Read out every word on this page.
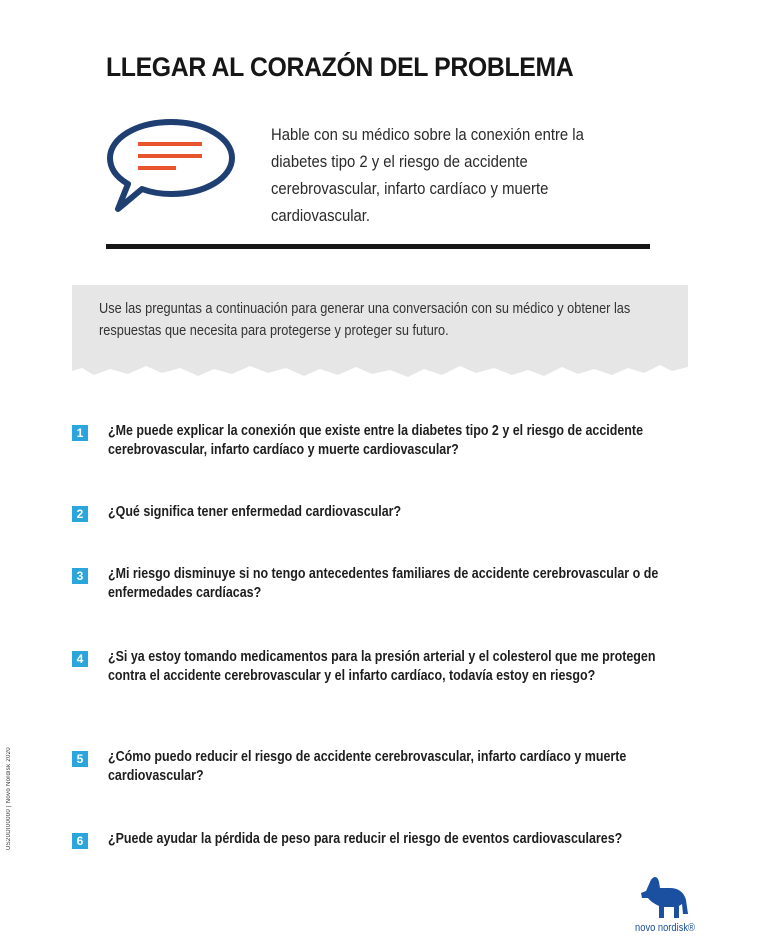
LLEGAR AL CORAZÓN DEL PROBLEMA

Hable con su médico sobre la conexión entre la diabetes tipo 2 y el riesgo de accidente cerebrovascular, infarto cardíaco y muerte cardiovascular.

Use las preguntas a continuación para generar una conversación con su médico y obtener las respuestas que necesita para protegerse y proteger su futuro.

1	¿Me puede explicar la conexión que existe entre la diabetes tipo 2 y el riesgo de accidente cerebrovascular, infarto cardíaco y muerte cardiovascular?

2	¿Qué significa tener enfermedad cardiovascular?

3	¿Mi riesgo disminuye si no tengo antecedentes familiares de accidente cerebrovascular o de enfermedades cardíacas?

4	¿Si ya estoy tomando medicamentos para la presión arterial y el colesterol que me protegen contra el accidente cerebrovascular y el infarto cardíaco, todavía estoy en riesgo?

5	¿Cómo puedo reducir el riesgo de accidente cerebrovascular, infarto cardíaco y muerte cardiovascular?

6	¿Puede ayudar la pérdida de peso para reducir el riesgo de eventos cardiovasculares?

US20DI00000 | Novo Nordisk 2020

novo nordisk®
